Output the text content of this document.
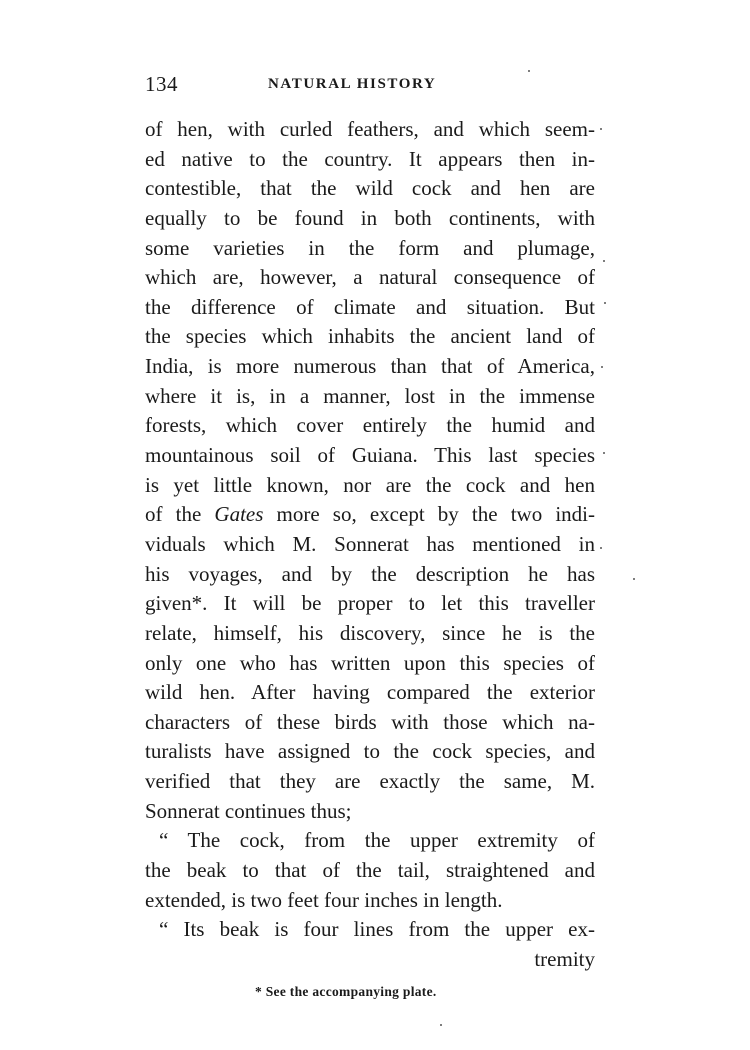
134	NATURAL HISTORY
of hen, with curled feathers, and which seem-
ed native to the country. It appears then in-
contestible, that the wild cock and hen are
equally to be found in both continents, with
some varieties in the form and plumage,
which are, however, a natural consequence of
the difference of climate and situation. But
the species which inhabits the ancient land of
India, is more numerous than that of America,
where it is, in a manner, lost in the immense
forests, which cover entirely the humid and
mountainous soil of Guiana. This last species
is yet little known, nor are the cock and hen
of the Gates more so, except by the two indi-
viduals which M. Sonnerat has mentioned in
his voyages, and by the description he has
given*. It will be proper to let this traveller
relate, himself, his discovery, since he is the
only one who has written upon this species of
wild hen. After having compared the exterior
characters of these birds with those which na-
turalists have assigned to the cock species, and
verified that they are exactly the same, M.
Sonnerat continues thus;
“ The cock, from the upper extremity of
the beak to that of the tail, straightened and
extended, is two feet four inches in length.
“ Its beak is four lines from the upper ex-
tremity
* See the accompanying plate.
